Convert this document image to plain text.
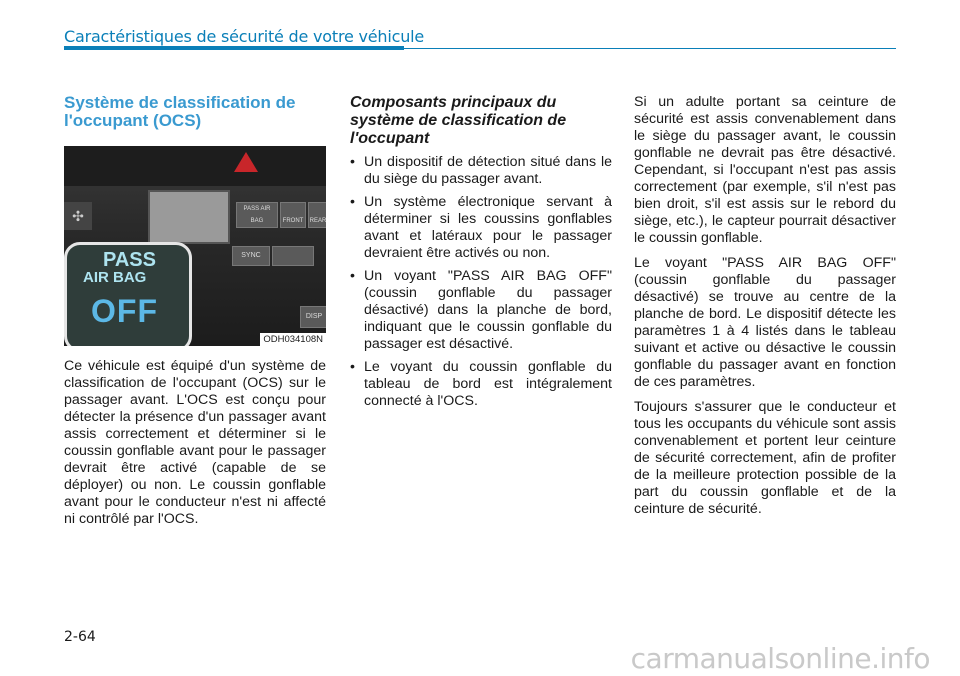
Caractéristiques de sécurité de votre véhicule
Système de classification de l'occupant (OCS)
✣	PASS AIR BAG	FRONT	REAR
SYNC
DISP
PASS
AIR BAG
OFF
ODH034108N

Ce véhicule est équipé d'un système de classification de l'occupant (OCS) sur le passager avant. L'OCS est conçu pour détecter la présence d'un passager avant assis correctement et déterminer si le coussin gonflable avant pour le passager devrait être activé (capable de se déployer) ou non. Le coussin gonflable avant pour le conducteur n'est ni affecté ni contrôlé par l'OCS.

Composants principaux du système de classification de l'occupant
• Un dispositif de détection situé dans le du siège du passager avant.
• Un système électronique servant à déterminer si les coussins gonflables avant et latéraux pour le passager devraient être activés ou non.
• Un voyant "PASS AIR BAG OFF" (coussin gonflable du passager désactivé) dans la planche de bord, indiquant que le coussin gonflable du passager est désactivé.
• Le voyant du coussin gonflable du tableau de bord est intégralement connecté à l'OCS.

Si un adulte portant sa ceinture de sécurité est assis convenablement dans le siège du passager avant, le coussin gonflable ne devrait pas être désactivé. Cependant, si l'occupant n'est pas assis correctement (par exemple, s'il n'est pas bien droit, s'il est assis sur le rebord du siège, etc.), le capteur pourrait désactiver le coussin gonflable.

Le voyant "PASS AIR BAG OFF" (coussin gonflable du passager désactivé) se trouve au centre de la planche de bord. Le dispositif détecte les paramètres 1 à 4 listés dans le tableau suivant et active ou désactive le coussin gonflable du passager avant en fonction de ces paramètres.

Toujours s'assurer que le conducteur et tous les occupants du véhicule sont assis convenablement et portent leur ceinture de sécurité correctement, afin de profiter de la meilleure protection possible de la part du coussin gonflable et de la ceinture de sécurité.

2-64
carmanualsonline.info
